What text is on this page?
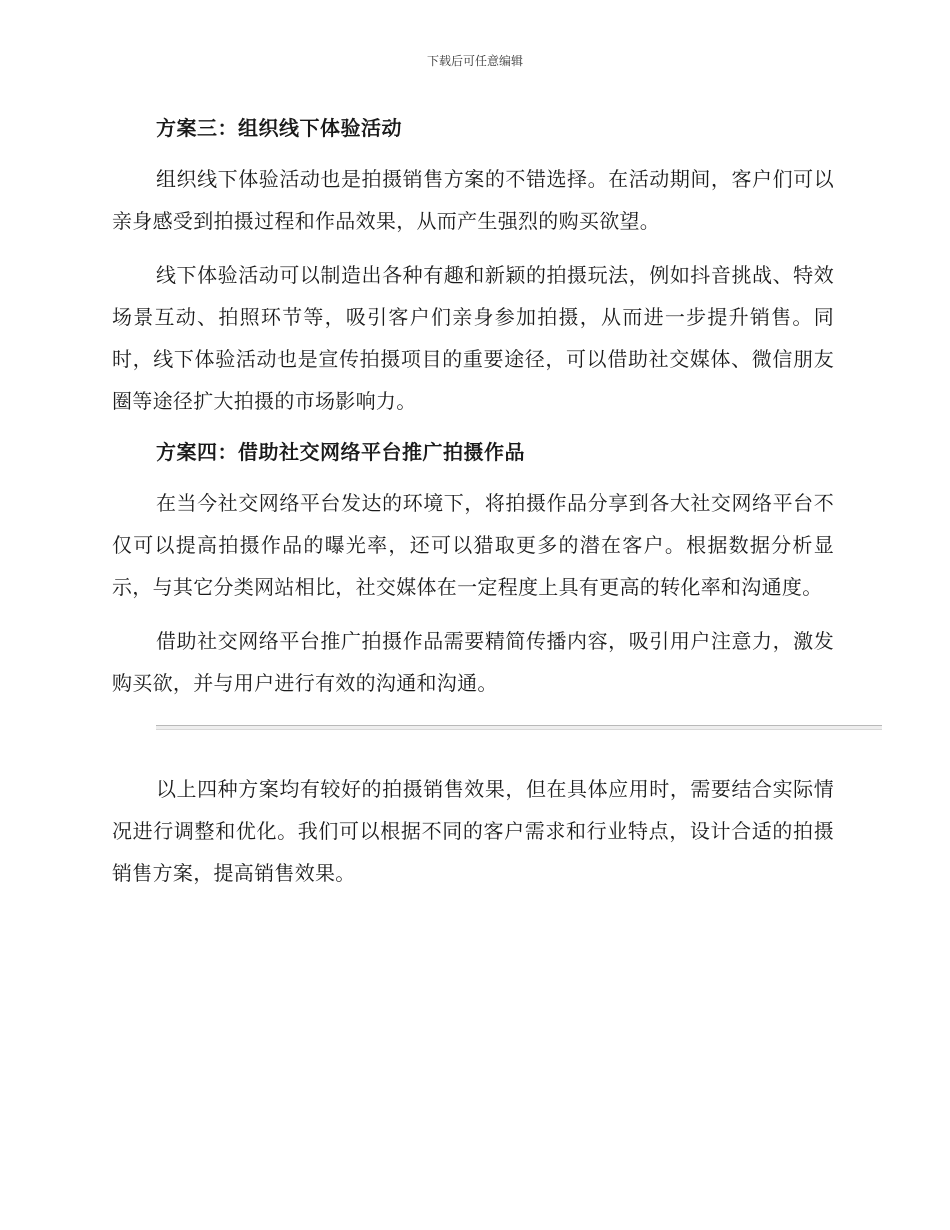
下载后可任意编辑
方案三：组织线下体验活动

组织线下体验活动也是拍摄销售方案的不错选择。在活动期间，客户们可以亲身感受到拍摄过程和作品效果，从而产生强烈的购买欲望。

线下体验活动可以制造出各种有趣和新颖的拍摄玩法，例如抖音挑战、特效场景互动、拍照环节等，吸引客户们亲身参加拍摄，从而进一步提升销售。同时，线下体验活动也是宣传拍摄项目的重要途径，可以借助社交媒体、微信朋友圈等途径扩大拍摄的市场影响力。

方案四：借助社交网络平台推广拍摄作品

在当今社交网络平台发达的环境下，将拍摄作品分享到各大社交网络平台不仅可以提高拍摄作品的曝光率，还可以猎取更多的潜在客户。根据数据分析显示，与其它分类网站相比，社交媒体在一定程度上具有更高的转化率和沟通度。

借助社交网络平台推广拍摄作品需要精简传播内容，吸引用户注意力，激发购买欲，并与用户进行有效的沟通和沟通。

以上四种方案均有较好的拍摄销售效果，但在具体应用时，需要结合实际情况进行调整和优化。我们可以根据不同的客户需求和行业特点，设计合适的拍摄销售方案，提高销售效果。
